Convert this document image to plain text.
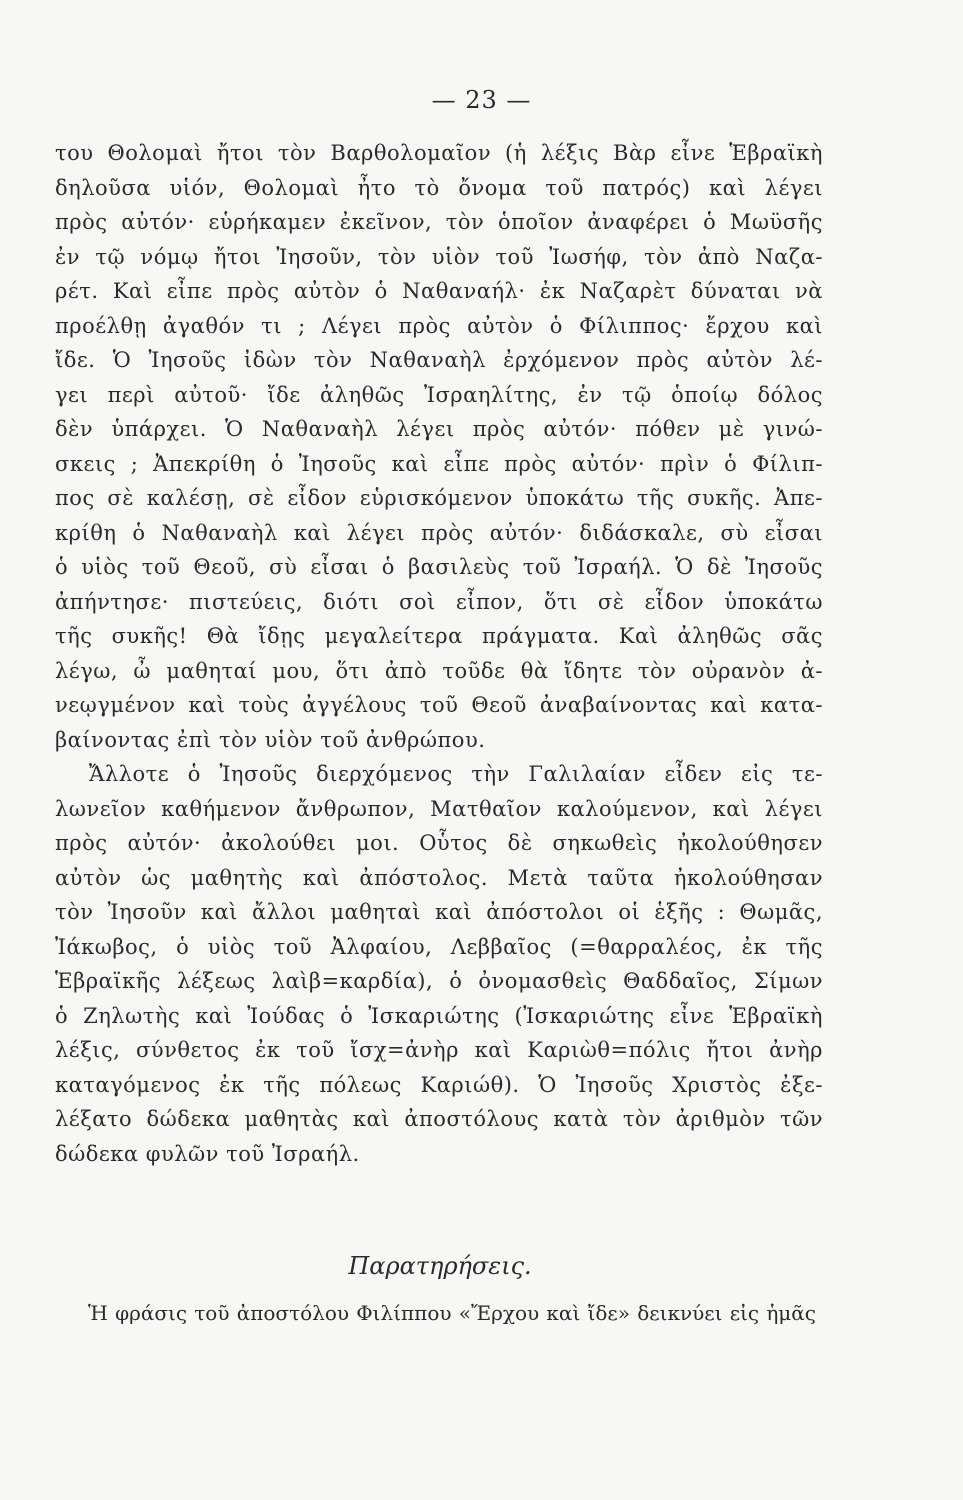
— 23 —
του Θολομαὶ ἤτοι τὸν Βαρθολομαῖον (ἡ λέξις Βὰρ εἶνε Ἑβραϊκὴ
δηλοῦσα υἱόν, Θολομαὶ ἦτο τὸ ὄνομα τοῦ πατρός) καὶ λέγει
πρὸς αὐτόν· εὑρήκαμεν ἐκεῖνον, τὸν ὁποῖον ἀναφέρει ὁ Μωϋσῆς
ἐν τῷ νόμῳ ἤτοι Ἰησοῦν, τὸν υἱὸν τοῦ Ἰωσήφ, τὸν ἀπὸ Ναζα-
ρέτ. Καὶ εἶπε πρὸς αὐτὸν ὁ Ναθαναήλ· ἐκ Ναζαρὲτ δύναται νὰ
προέλθῃ ἀγαθόν τι ; Λέγει πρὸς αὐτὸν ὁ Φίλιππος· ἔρχου καὶ
ἴδε. Ὁ Ἰησοῦς ἰδὼν τὸν Ναθαναὴλ ἐρχόμενον πρὸς αὐτὸν λέ-
γει περὶ αὐτοῦ· ἴδε ἀληθῶς Ἰσραηλίτης, ἐν τῷ ὁποίῳ δόλος
δὲν ὑπάρχει. Ὁ Ναθαναὴλ λέγει πρὸς αὐτόν· πόθεν μὲ γινώ-
σκεις ; Ἀπεκρίθη ὁ Ἰησοῦς καὶ εἶπε πρὸς αὐτόν· πρὶν ὁ Φίλιπ-
πος σὲ καλέσῃ, σὲ εἶδον εὑρισκόμενον ὑποκάτω τῆς συκῆς. Ἀπε-
κρίθη ὁ Ναθαναὴλ καὶ λέγει πρὸς αὐτόν· διδάσκαλε, σὺ εἶσαι
ὁ υἱὸς τοῦ Θεοῦ, σὺ εἶσαι ὁ βασιλεὺς τοῦ Ἰσραήλ. Ὁ δὲ Ἰησοῦς
ἀπήντησε· πιστεύεις, διότι σοὶ εἶπον, ὅτι σὲ εἶδον ὑποκάτω
τῆς συκῆς! Θὰ ἴδῃς μεγαλείτερα πράγματα. Καὶ ἀληθῶς σᾶς
λέγω, ὦ μαθηταί μου, ὅτι ἀπὸ τοῦδε θὰ ἴδητε τὸν οὐρανὸν ἀ-
νεῳγμένον καὶ τοὺς ἀγγέλους τοῦ Θεοῦ ἀναβαίνοντας καὶ κατα-
βαίνοντας ἐπὶ τὸν υἱὸν τοῦ ἀνθρώπου.
Ἄλλοτε ὁ Ἰησοῦς διερχόμενος τὴν Γαλιλαίαν εἶδεν εἰς τε-
λωνεῖον καθήμενον ἄνθρωπον, Ματθαῖον καλούμενον, καὶ λέγει
πρὸς αὐτόν· ἀκολούθει μοι. Οὗτος δὲ σηκωθεὶς ἠκολούθησεν
αὐτὸν ὡς μαθητὴς καὶ ἀπόστολος. Μετὰ ταῦτα ἠκολούθησαν
τὸν Ἰησοῦν καὶ ἄλλοι μαθηταὶ καὶ ἀπόστολοι οἱ ἑξῆς : Θωμᾶς,
Ἰάκωβος, ὁ υἱὸς τοῦ Ἀλφαίου, Λεββαῖος (=θαρραλέος, ἐκ τῆς
Ἑβραϊκῆς λέξεως λαὶβ=καρδία), ὁ ὀνομασθεὶς Θαδδαῖος, Σίμων
ὁ Ζηλωτὴς καὶ Ἰούδας ὁ Ἰσκαριώτης (Ἰσκαριώτης εἶνε Ἑβραϊκὴ
λέξις, σύνθετος ἐκ τοῦ ἴσχ=ἀνὴρ καὶ Καριὼθ=πόλις ἤτοι ἀνὴρ
καταγόμενος ἐκ τῆς πόλεως Καριώθ). Ὁ Ἰησοῦς Χριστὸς ἐξε-
λέξατο δώδεκα μαθητὰς καὶ ἀποστόλους κατὰ τὸν ἀριθμὸν τῶν
δώδεκα φυλῶν τοῦ Ἰσραήλ.
Παρατηρήσεις.
Ἡ φράσις τοῦ ἀποστόλου Φιλίππου «Ἔρχου καὶ ἴδε» δεικνύει εἰς ἡμᾶς
